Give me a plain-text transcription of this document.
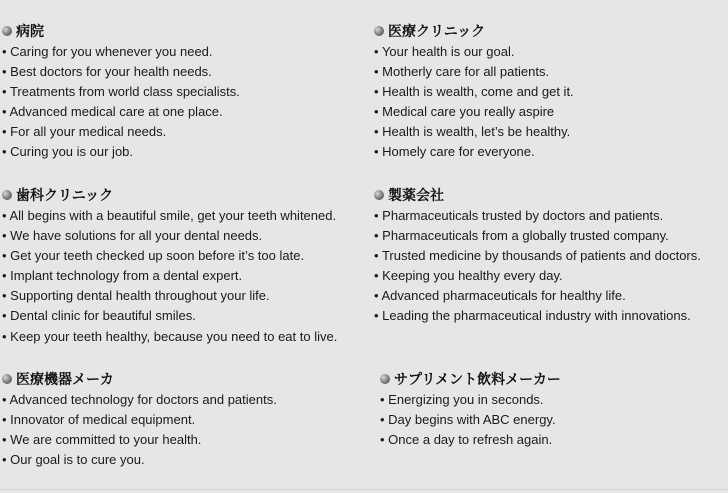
病院
• Caring for you whenever you need.
• Best doctors for your health needs.
• Treatments from world class specialists.
• Advanced medical care at one place.
• For all your medical needs.
• Curing you is our job.
医療クリニック
• Your health is our goal.
• Motherly care for all patients.
• Health is wealth, come and get it.
• Medical care you really aspire
• Health is wealth, let’s be healthy.
• Homely care for everyone.
歯科クリニック
• All begins with a beautiful smile, get your teeth whitened.
• We have solutions for all your dental needs.
• Get your teeth checked up soon before it’s too late.
• Implant technology from a dental expert.
• Supporting dental health throughout your life.
• Dental clinic for beautiful smiles.
• Keep your teeth healthy, because you need to eat to live.
製薬会社
• Pharmaceuticals trusted by doctors and patients.
• Pharmaceuticals from a globally trusted company.
• Trusted medicine by thousands of patients and doctors.
• Keeping you healthy every day.
• Advanced pharmaceuticals for healthy life.
• Leading the pharmaceutical industry with innovations.
医療機器メーカ
• Advanced technology for doctors and patients.
• Innovator of medical equipment.
• We are committed to your health.
• Our goal is to cure you.
サプリメント飲料メーカー
• Energizing you in seconds.
• Day begins with ABC energy.
• Once a day to refresh again.
